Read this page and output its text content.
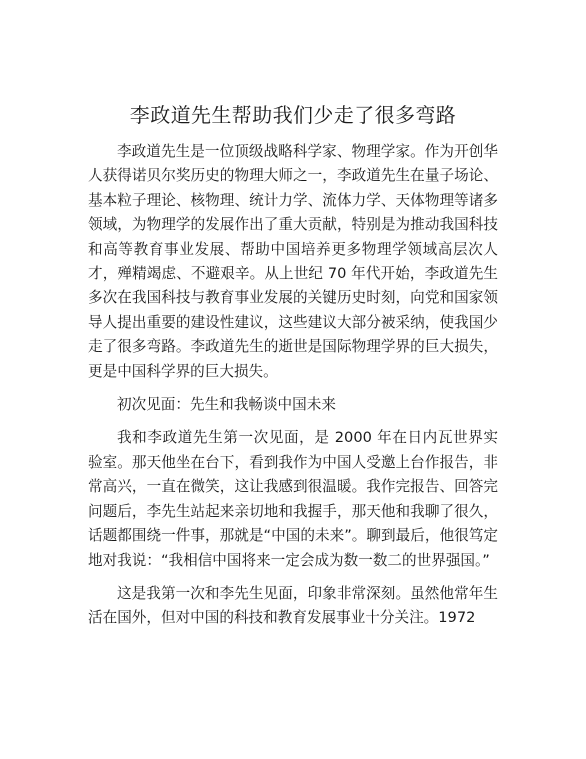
李政道先生帮助我们少走了很多弯路

李政道先生是一位顶级战略科学家、物理学家。作为开创华人获得诺贝尔奖历史的物理大师之一，李政道先生在量子场论、基本粒子理论、核物理、统计力学、流体力学、天体物理等诸多领域，为物理学的发展作出了重大贡献，特别是为推动我国科技和高等教育事业发展、帮助中国培养更多物理学领域高层次人才，殚精竭虑、不避艰辛。从上世纪 70 年代开始，李政道先生多次在我国科技与教育事业发展的关键历史时刻，向党和国家领导人提出重要的建设性建议，这些建议大部分被采纳，使我国少走了很多弯路。李政道先生的逝世是国际物理学界的巨大损失，更是中国科学界的巨大损失。

初次见面：先生和我畅谈中国未来

我和李政道先生第一次见面，是 2000 年在日内瓦世界实验室。那天他坐在台下，看到我作为中国人受邀上台作报告，非常高兴，一直在微笑，这让我感到很温暖。我作完报告、回答完问题后，李先生站起来亲切地和我握手，那天他和我聊了很久，话题都围绕一件事，那就是“中国的未来”。聊到最后，他很笃定地对我说：“我相信中国将来一定会成为数一数二的世界强国。”

这是我第一次和李先生见面，印象非常深刻。虽然他常年生活在国外，但对中国的科技和教育发展事业十分关注。1972
